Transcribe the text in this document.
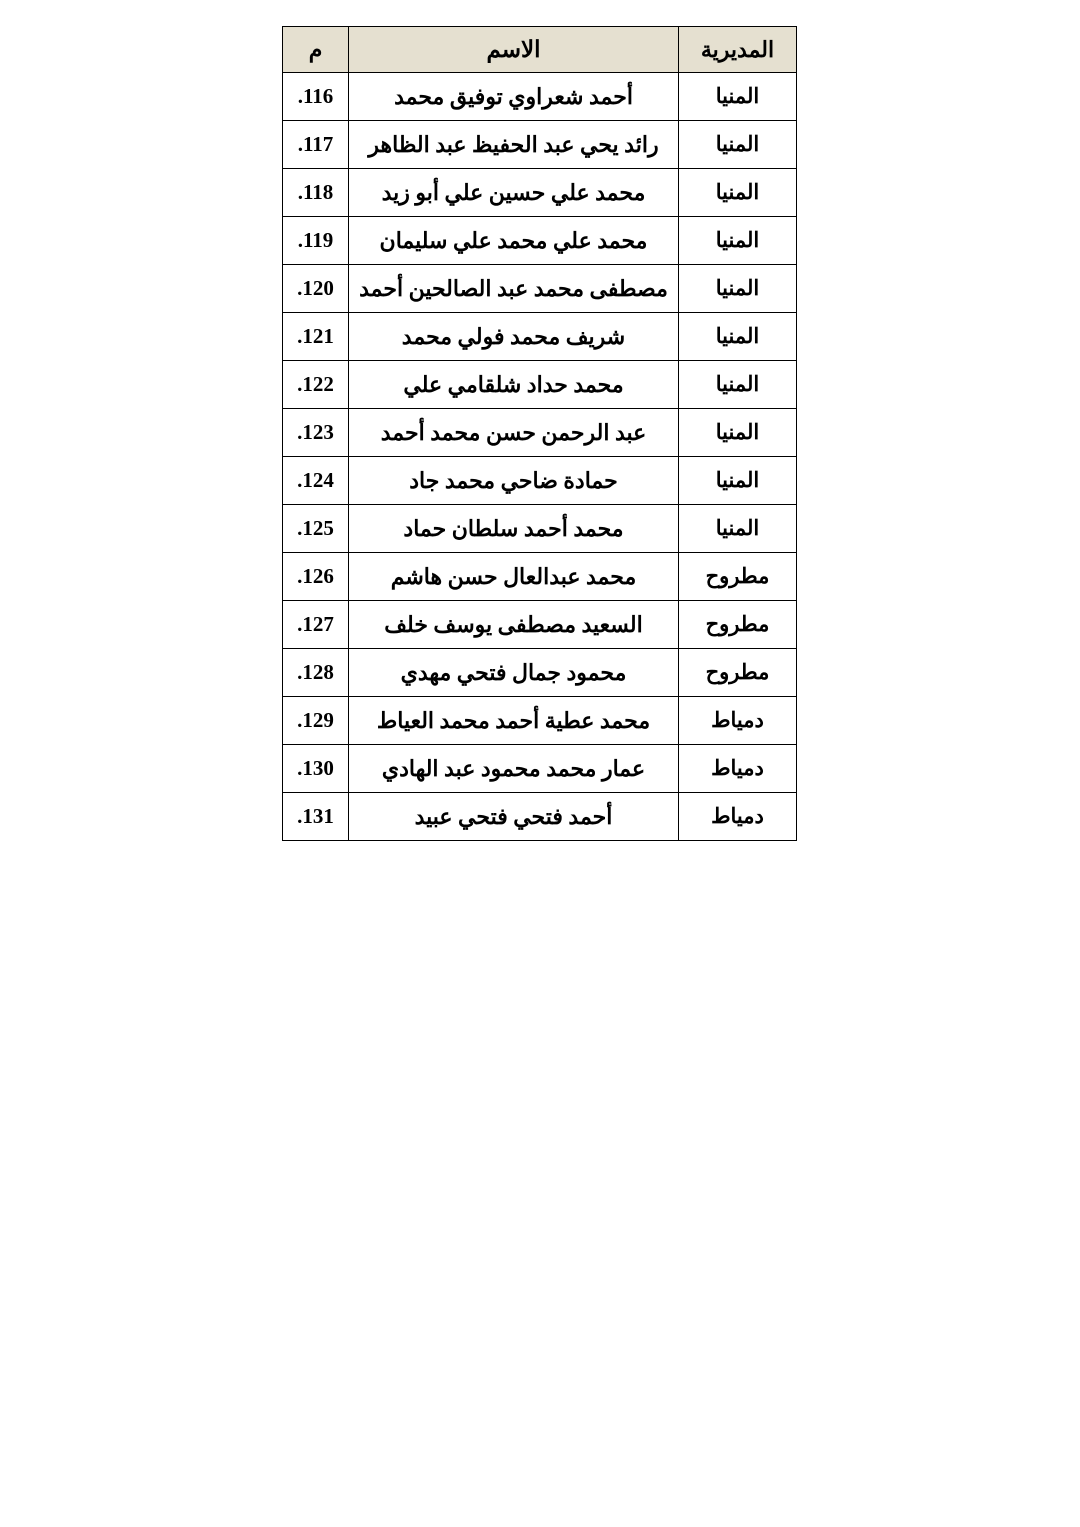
المديرية	الاسم	م
المنيا	أحمد شعراوي توفيق محمد	.116
المنيا	رائد يحي عبد الحفيظ عبد الظاهر	.117
المنيا	محمد علي حسين علي أبو زيد	.118
المنيا	محمد علي محمد علي سليمان	.119
المنيا	مصطفى محمد عبد الصالحين أحمد	.120
المنيا	شريف محمد فولي محمد	.121
المنيا	محمد حداد شلقامي علي	.122
المنيا	عبد الرحمن حسن محمد أحمد	.123
المنيا	حمادة ضاحي محمد جاد	.124
المنيا	محمد أحمد سلطان حماد	.125
مطروح	محمد عبدالعال حسن هاشم	.126
مطروح	السعيد مصطفى يوسف خلف	.127
مطروح	محمود جمال فتحي مهدي	.128
دمياط	محمد عطية أحمد محمد العياط	.129
دمياط	عمار محمد محمود عبد الهادي	.130
دمياط	أحمد فتحي فتحي عبيد	.131
